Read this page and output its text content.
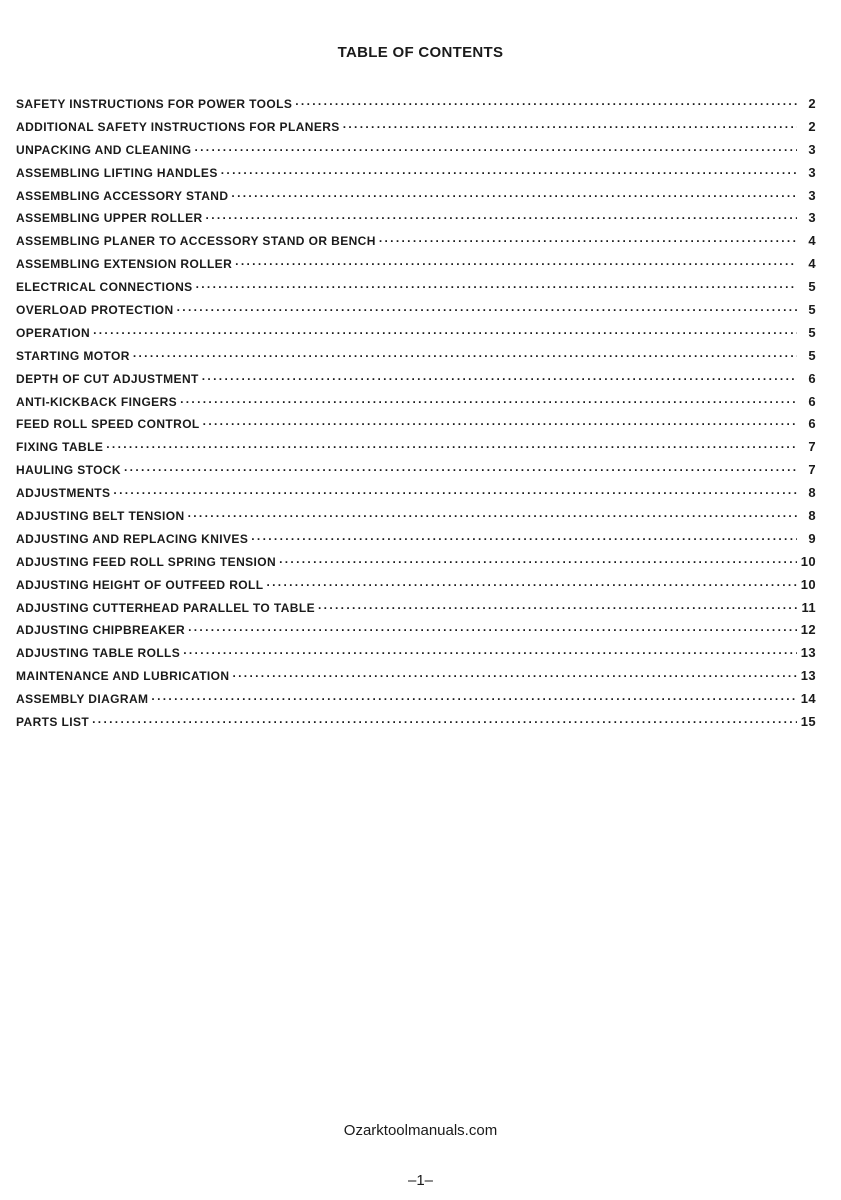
TABLE OF CONTENTS
SAFETY INSTRUCTIONS FOR POWER TOOLS . . .	2
ADDITIONAL SAFETY INSTRUCTIONS FOR PLANERS . . .	2
UNPACKING AND CLEANING . . .	3
ASSEMBLING LIFTING HANDLES . . .	3
ASSEMBLING ACCESSORY STAND . . .	3
ASSEMBLING UPPER ROLLER . . .	3
ASSEMBLING PLANER TO ACCESSORY STAND OR BENCH . . .	4
ASSEMBLING EXTENSION ROLLER . . .	4
ELECTRICAL CONNECTIONS . . .	5
OVERLOAD PROTECTION . . .	5
OPERATION . . .	5
STARTING MOTOR . . .	5
DEPTH OF CUT ADJUSTMENT . . .	6
ANTI-KICKBACK FINGERS . . .	6
FEED ROLL SPEED CONTROL . . .	6
FIXING TABLE . . .	7
HAULING STOCK . . .	7
ADJUSTMENTS . . .	8
ADJUSTING BELT TENSION . . .	8
ADJUSTING AND REPLACING KNIVES . . .	9
ADJUSTING FEED ROLL SPRING TENSION . . .	10
ADJUSTING HEIGHT OF OUTFEED ROLL . . .	10
ADJUSTING CUTTERHEAD PARALLEL TO TABLE . . .	11
ADJUSTING CHIPBREAKER . . .	12
ADJUSTING TABLE ROLLS . . .	13
MAINTENANCE AND LUBRICATION . . .	13
ASSEMBLY DIAGRAM . . .	14
PARTS LIST . . .	15
Ozarktoolmanuals.com
–1–
